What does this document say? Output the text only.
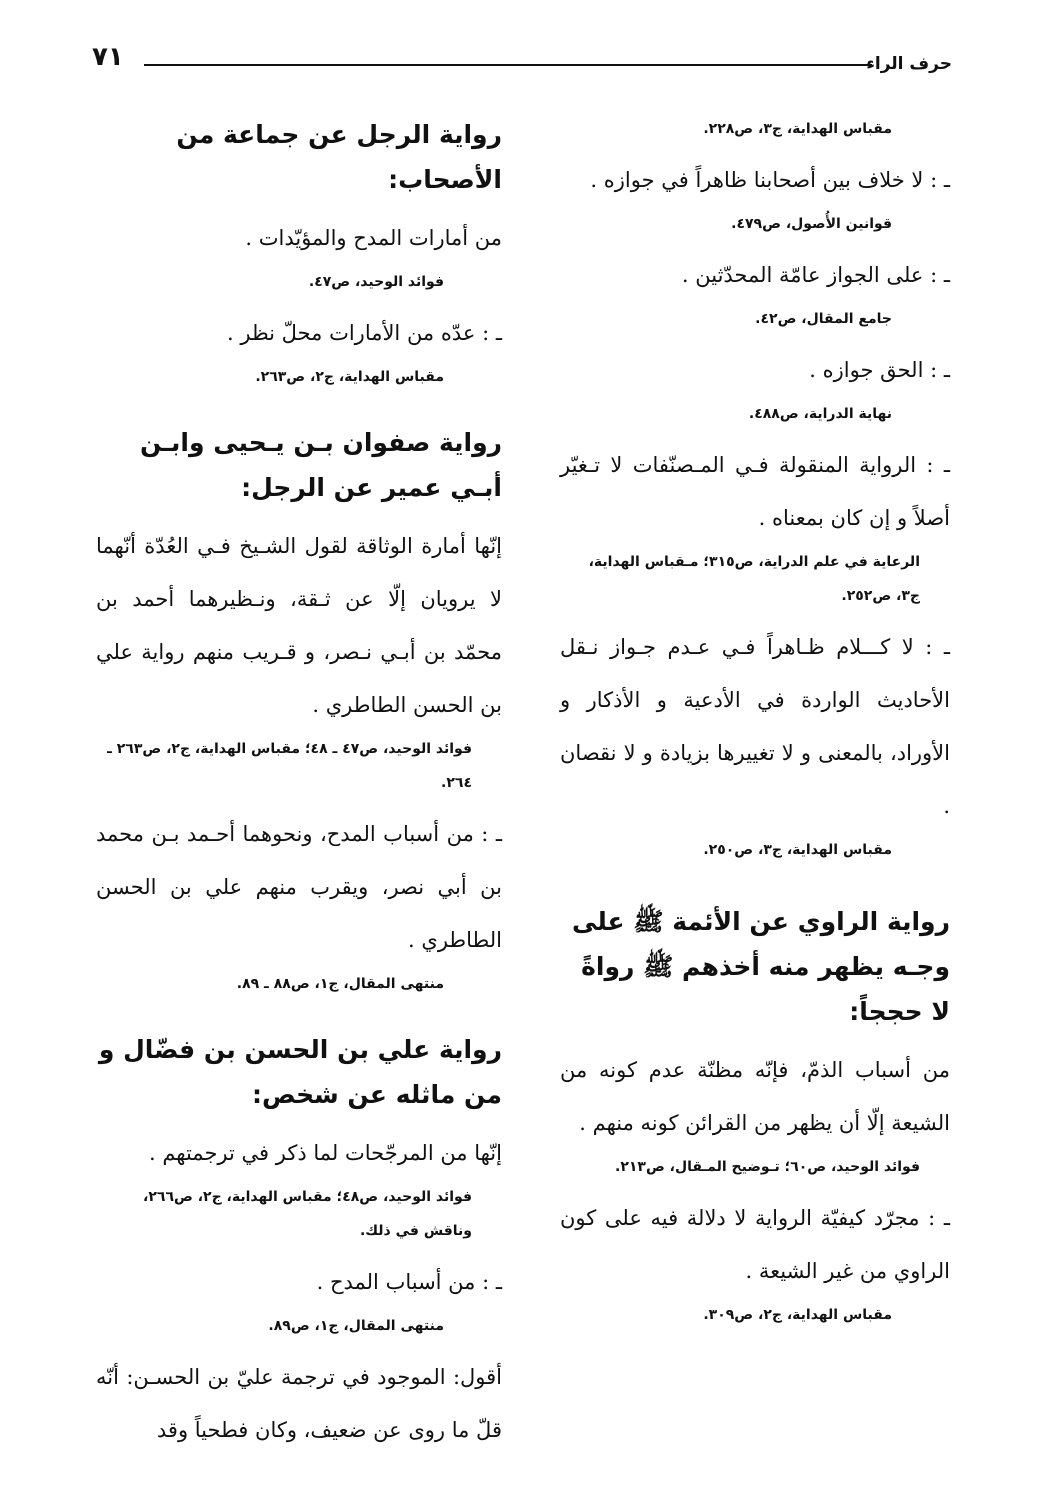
حرف الراء
٧١
مقباس الهداية، ج٣، ص٢٢٨.

ـ : لا خلاف بين أصحابنا ظاهراً في جوازه .

قوانين الأُصول، ص٤٧٩.

ـ : على الجواز عامّة المحدّثين .

جامع المقال، ص٤٢.

ـ : الحق جوازه .

نهاية الدراية، ص٤٨٨.

ـ : الرواية المنقولة فـي المـصنّفات لا تـغيّر أصلاً و إن كان بمعناه .

الرعاية في علم الدراية، ص٣١٥؛ مـقباس الهداية، ج٣، ص٢٥٢.

ـ : لا كـــلام ظـاهراً فـي عـدم جـواز نـقل الأحاديث الواردة في الأدعية و الأذكار و الأوراد، بالمعنى و لا تغييرها بزيادة و لا نقصان .

مقباس الهداية، ج٣، ص٢٥٠.
رواية الراوي عن الأئمة ﷺ على وجـه يظهر منه أخذهم ﷺ رواةً لا حججاً:

من أسباب الذمّ، فإنّه مظنّة عدم كونه من الشيعة إلّا أن يظهر من القرائن كونه منهم .

فوائد الوحيد، ص٦٠؛ تـوضيح المـقال، ص٢١٣.

ـ : مجرّد كيفيّة الرواية لا دلالة فيه على كون الراوي من غير الشيعة .

مقباس الهداية، ج٢، ص٣٠٩.
رواية الرجل عن جماعة من الأصحاب:

من أمارات المدح والمؤيّدات .

فوائد الوحيد، ص٤٧.

ـ : عدّه من الأمارات محلّ نظر .

مقباس الهداية، ج٢، ص٢٦٣.
رواية صفوان بـن يـحيى وابـن أبـي عمير عن الرجل:

إنّها أمارة الوثاقة لقول الشـيخ فـي العُدّة أنّهما لا يرويان إلّا عن ثـقة، ونـظيرهما أحمد بن محمّد بن أبـي نـصر، و قـريب منهم رواية علي بن الحسن الطاطري .

فوائد الوحيد، ص٤٧ ـ ٤٨؛ مقباس الهداية، ج٢، ص٢٦٣ ـ ٢٦٤.

ـ : من أسباب المدح، ونحوهما أحـمد بـن محمد بن أبي نصر، ويقرب منهم علي بن الحسن الطاطري .

منتهى المقال، ج١، ص٨٨ ـ ٨٩.
رواية علي بن الحسن بن فضّال و من ماثله عن شخص:

إنّها من المرجّحات لما ذكر في ترجمتهم .

فوائد الوحيد، ص٤٨؛ مقباس الهداية، ج٢، ص٢٦٦، وناقش في ذلك.

ـ : من أسباب المدح .

منتهى المقال، ج١، ص٨٩.

أقول: الموجود في ترجمة عليّ بن الحسـن: أنّه قلّ ما روى عن ضعيف، وكان فطحياً وقد
